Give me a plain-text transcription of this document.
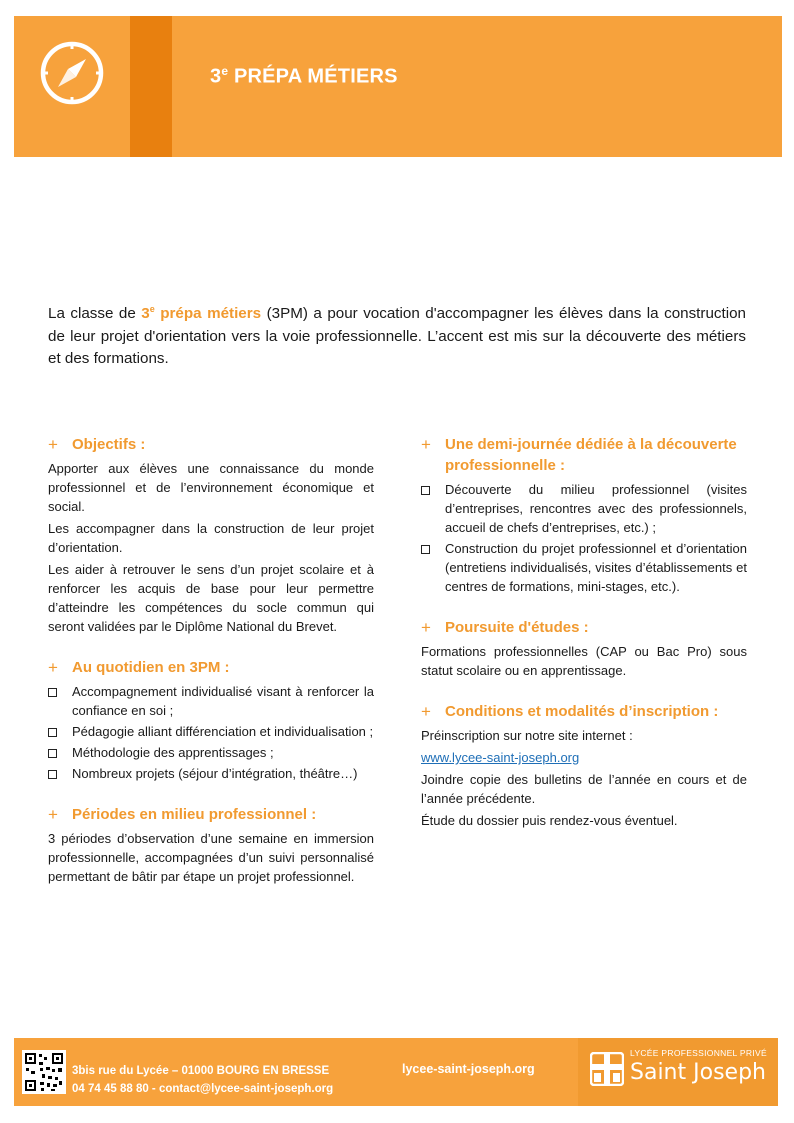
3e PRÉPA MÉTIERS
La classe de 3e prépa métiers (3PM) a pour vocation d'accompagner les élèves dans la construction de leur projet d'orientation vers la voie professionnelle. L’accent est mis sur la découverte des métiers et des formations.
+ Objectifs :

Apporter aux élèves une connaissance du monde professionnel et de l’environnement économique et social.

Les accompagner dans la construction de leur projet d’orientation.

Les aider à retrouver le sens d’un projet scolaire et à renforcer les acquis de base pour leur permettre d’atteindre les compétences du socle commun qui seront validées par le Diplôme National du Brevet.

+ Au quotidien en 3PM :
Accompagnement individualisé visant à renforcer la confiance en soi ;
Pédagogie alliant différenciation et individualisation ;
Méthodologie des apprentissages ;
Nombreux projets (séjour d’intégration, théâtre…)
+ Périodes en milieu professionnel :

3 périodes d’observation d’une semaine en immersion professionnelle, accompagnées d’un suivi personnalisé permettant de bâtir par étape un projet professionnel.

+ Une demi-journée dédiée à la découverte professionnelle :
Découverte du milieu professionnel (visites d’entreprises, rencontres avec des professionnels, accueil de chefs d’entreprises, etc.) ;
Construction du projet professionnel et d’orientation (entretiens individualisés, visites d’établissements et centres de formations, mini-stages, etc.).
+ Poursuite d'études :

Formations professionnelles (CAP ou Bac Pro) sous statut scolaire ou en apprentissage.

+ Conditions et modalités d’inscription :

Préinscription sur notre site internet :

www.lycee-saint-joseph.org

Joindre copie des bulletins de l’année en cours et de l’année précédente.

Étude du dossier puis rendez-vous éventuel.

3bis rue du Lycée – 01000 BOURG EN BRESSE
04 74 45 88 80 - contact@lycee-saint-joseph.org
lycee-saint-joseph.org
LYCÉE PROFESSIONNEL PRIVÉ
Saint Joseph
